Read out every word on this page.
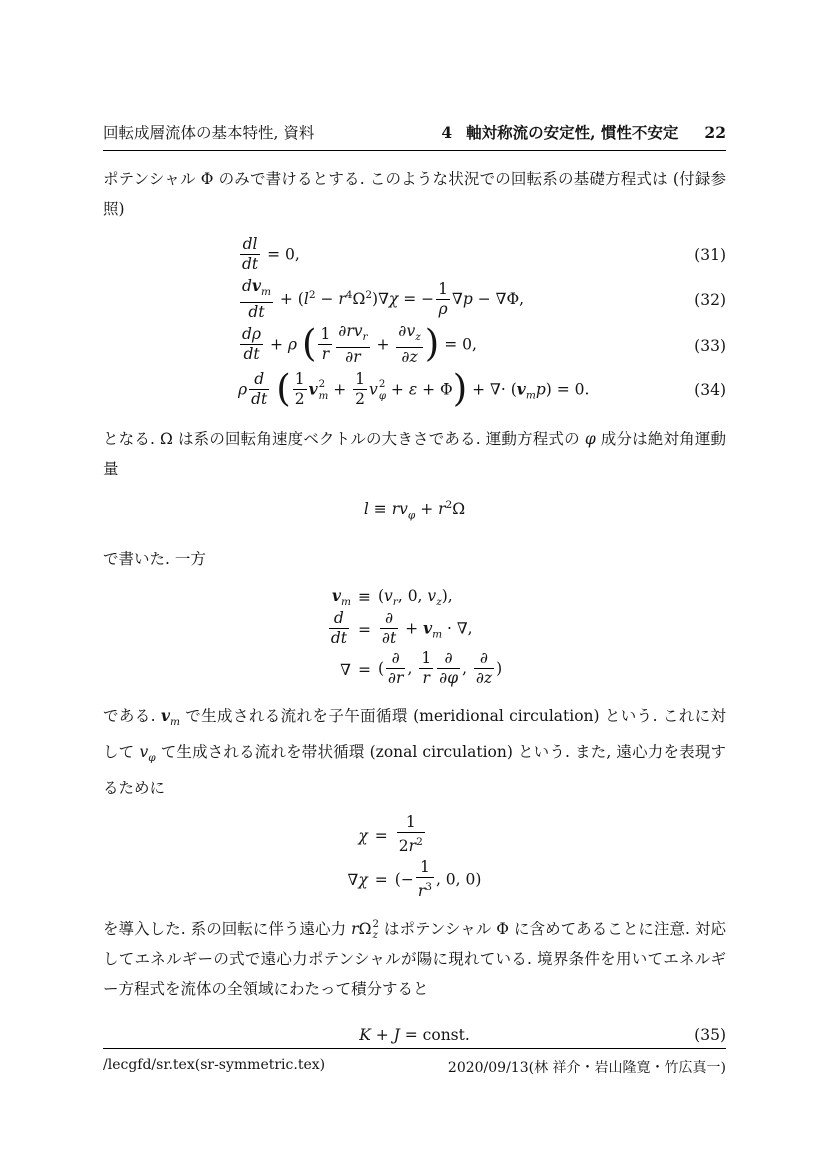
回転成層流体の基本特性, 資料	4 軸対称流の安定性, 慣性不安定 22

ポテンシャル Φ のみで書けるとする. このような状況での回転系の基礎方程式は (付録参照)

$\frac{dl}{dt} = 0$,	(31)
$\frac{dv_m}{dt} + (l^2 - r^4\Omega^2)\nabla\chi$ = − $\frac{1}{\rho} \nabla p - \nabla\Phi$,	(32)
$\frac{d\rho}{dt} + \rho$ ( $\frac{1}{r} \frac{\partial rv_r}{\partial r} + \frac{\partial v_z}{\partial z}$ ) = 0,	(33)
ρ $\frac{d}{dt}$ ( $\frac{1}{2}$ v 2
$m + \frac{1}{2}$ v 2
φ + ε + Φ) + ∇· $(v_mp) = 0$.	(34)

となる. Ω は系の回転角速度ベクトルの大きさである. 運動方程式の φ 成分は絶対角運動量

$l \equiv rv_\varphi + r^2\Omega$

で書いた. 一方

$v_m \equiv (v_r$, 0, $v_z$),
$\frac{d}{dt} = \frac{\partial}{\partial t} + v_m$ · ∇,
∇ = ( $\frac{\partial}{\partial r}$ , $\frac{1}{r} \frac{\partial}{\partial\varphi}$ , $\frac{\partial}{\partial z}$ )

である. $v_m$ で生成される流れを子午面循環 (meridional circulation) という. これに対して $v_\varphi$ て生成される流れを帯状循環 (zonal circulation) という. また, 遠心力を表現するために

$\chi = \frac{1}{2r^2}$
∇χ = (− $\frac{1}{r^3}$ , 0, 0)

を導入した. 系の回転に伴う遠心力 rΩ 2
z はポテンシャル Φ に含めてあることに注意. 対応してエネルギーの式で遠心力ポテンシャルが陽に現れている. 境界条件を用いてエネルギー方程式を流体の全領域にわたって積分すると

K + J = const.	(35)
/lecgfd/sr.tex(sr-symmetric.tex)	2020/09/13(林 祥介・岩山隆寛・竹広真一)
